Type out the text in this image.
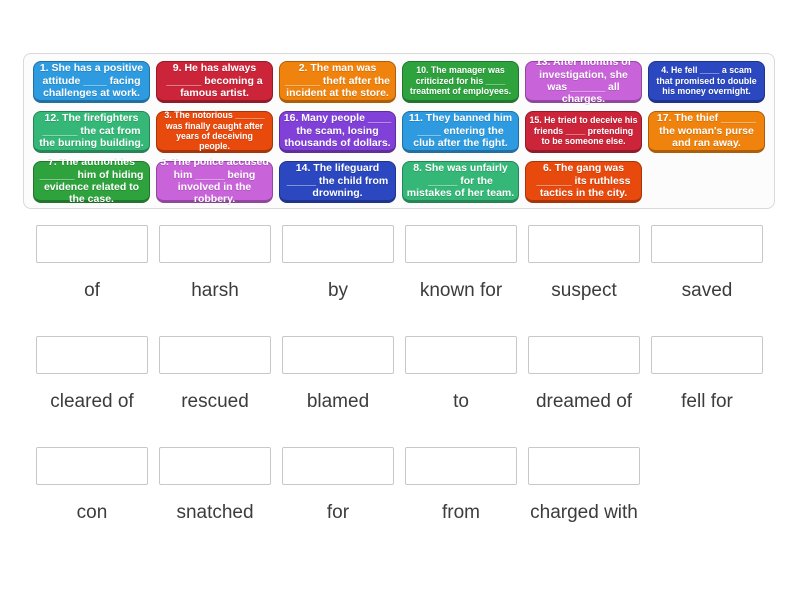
1. She has a positive attitude ____ facing challenges at work.
9. He has always ______ becoming a famous artist.
2. The man was ______ theft after the incident at the store.
10. The manager was criticized for his ____ treatment of employees.
13. After months of investigation, she was ______ all charges.
4. He fell ____ a scam that promised to double his money overnight.
12. The firefighters ______ the cat from the burning building.
3. The notorious ______ was finally caught after years of deceiving people.
16. Many people ____ the scam, losing thousands of dollars.
11. They banned him ____ entering the club after the fight.
15. He tried to deceive his friends ____ pretending to be someone else.
17. The thief ______ the woman's purse and ran away.
7. The authorities ______ him of hiding evidence related to the case.
5. The police accused him _____ being involved in the robbery.
14. The lifeguard _____ the child from drowning.
8. She was unfairly _____ for the mistakes of her team.
6. The gang was ______ its ruthless tactics in the city.
of	harsh	by	known for	suspect	saved
cleared of	rescued	blamed	to	dreamed of	fell for
con	snatched	for	from	charged with
